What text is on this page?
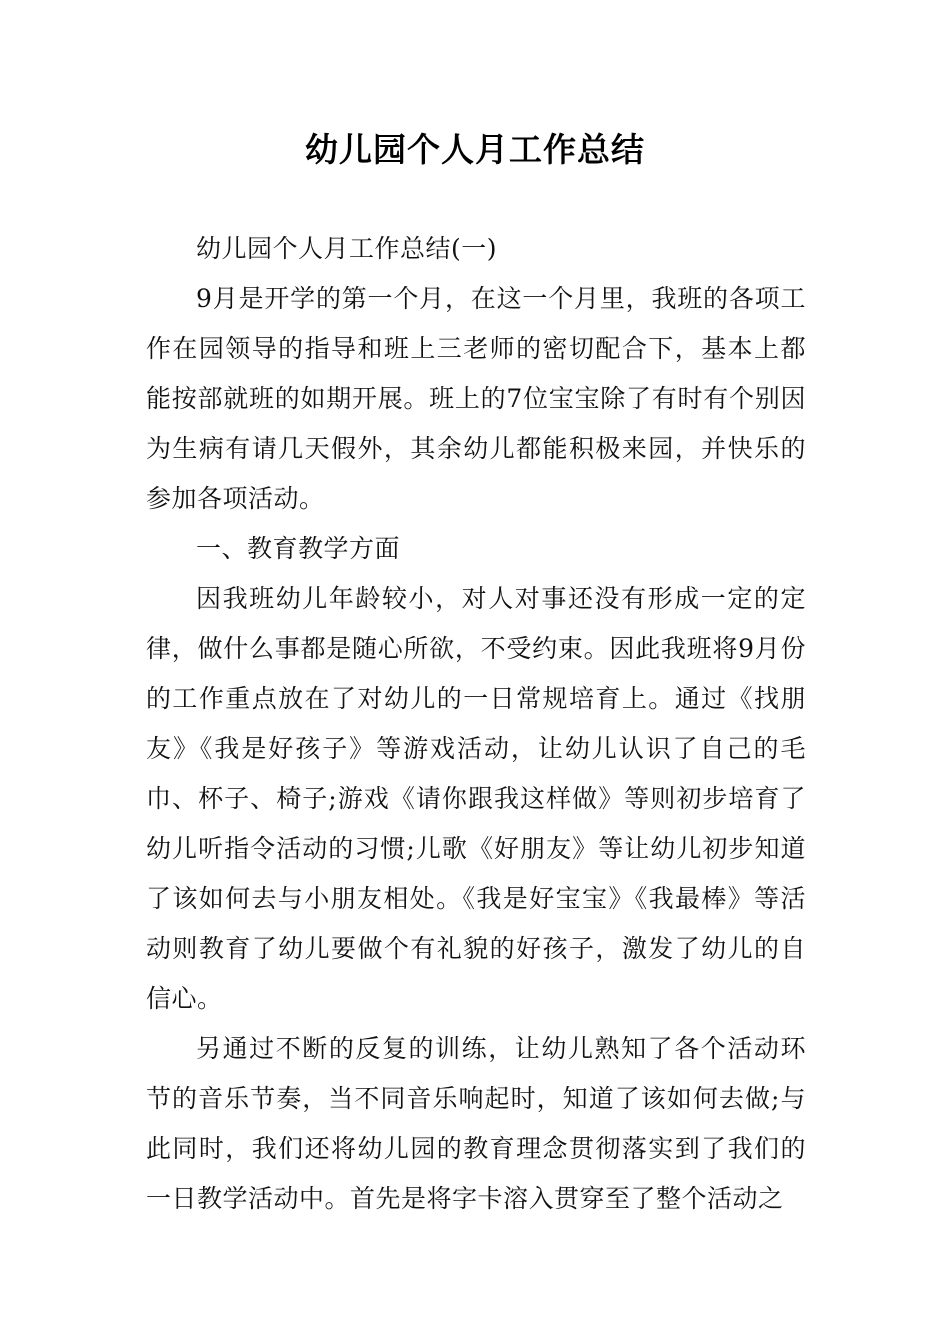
幼儿园个人月工作总结

幼儿园个人月工作总结(一)

9月是开学的第一个月，在这一个月里，我班的各项工作在园领导的指导和班上三老师的密切配合下，基本上都能按部就班的如期开展。班上的7位宝宝除了有时有个别因为生病有请几天假外，其余幼儿都能积极来园，并快乐的参加各项活动。

一、教育教学方面

因我班幼儿年龄较小，对人对事还没有形成一定的定律，做什么事都是随心所欲，不受约束。因此我班将9月份的工作重点放在了对幼儿的一日常规培育上。通过《找朋友》《我是好孩子》等游戏活动，让幼儿认识了自己的毛巾、杯子、椅子;游戏《请你跟我这样做》等则初步培育了幼儿听指令活动的习惯;儿歌《好朋友》等让幼儿初步知道了该如何去与小朋友相处。《我是好宝宝》《我最棒》等活动则教育了幼儿要做个有礼貌的好孩子，激发了幼儿的自信心。

另通过不断的反复的训练，让幼儿熟知了各个活动环节的音乐节奏，当不同音乐响起时，知道了该如何去做;与此同时，我们还将幼儿园的教育理念贯彻落实到了我们的一日教学活动中。首先是将字卡溶入贯穿至了整个活动之
